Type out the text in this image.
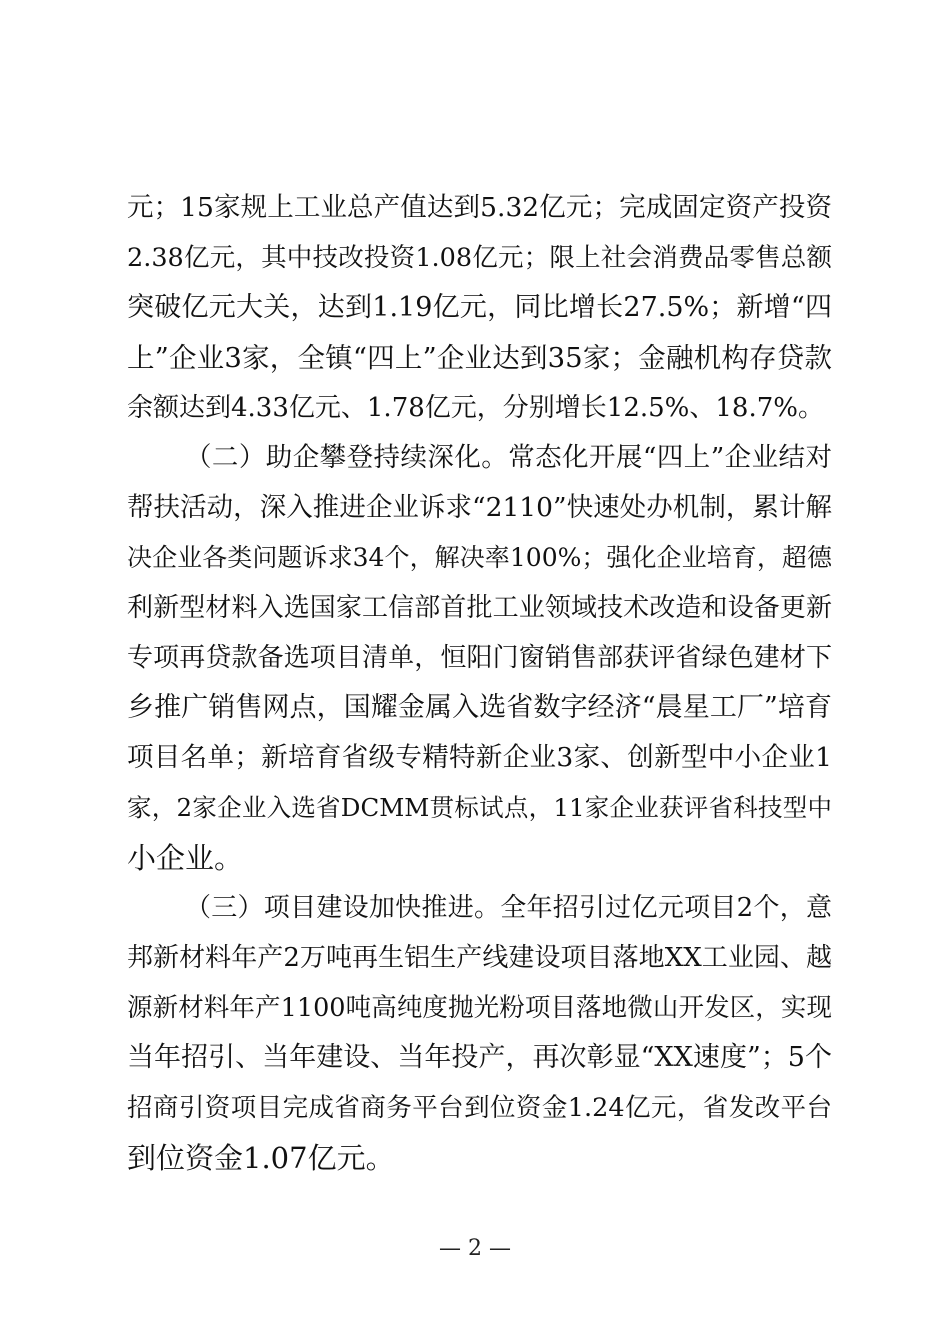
元；15家规上工业总产值达到5.32亿元；完成固定资产投资
2.38亿元，其中技改投资1.08亿元；限上社会消费品零售总额
突破亿元大关，达到1.19亿元，同比增长27.5%；新增“四
上”企业3家，全镇“四上”企业达到35家；金融机构存贷款
余额达到4.33亿元、1.78亿元，分别增长12.5%、18.7%。
（二）助企攀登持续深化。常态化开展“四上”企业结对
帮扶活动，深入推进企业诉求“2110”快速处办机制，累计解
决企业各类问题诉求34个，解决率100%；强化企业培育，超德
利新型材料入选国家工信部首批工业领域技术改造和设备更新
专项再贷款备选项目清单，恒阳门窗销售部获评省绿色建材下
乡推广销售网点，国耀金属入选省数字经济“晨星工厂”培育
项目名单；新培育省级专精特新企业3家、创新型中小企业1
家，2家企业入选省DCMM贯标试点，11家企业获评省科技型中
小企业。
（三）项目建设加快推进。全年招引过亿元项目2个，意
邦新材料年产2万吨再生铝生产线建设项目落地XX工业园、越
源新材料年产1100吨高纯度抛光粉项目落地微山开发区，实现
当年招引、当年建设、当年投产，再次彰显“XX速度”；5个
招商引资项目完成省商务平台到位资金1.24亿元，省发改平台
到位资金1.07亿元。
— 2 —
